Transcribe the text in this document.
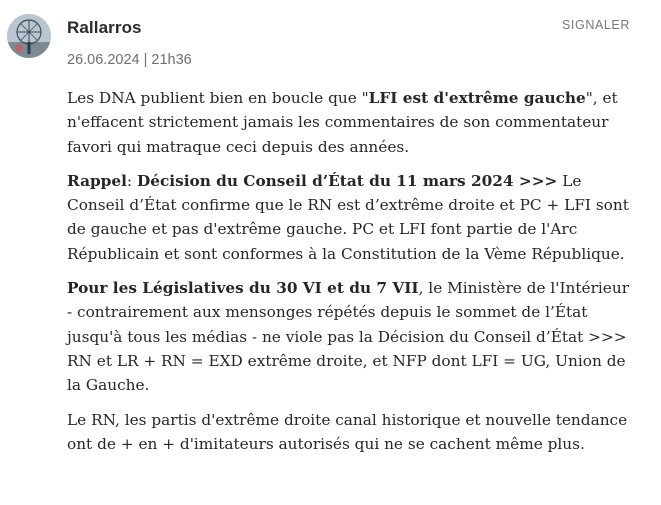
Rallarros	SIGNALER
26.06.2024 | 21h36

Les DNA publient bien en boucle que "LFI est d'extrême gauche", et n'effacent strictement jamais les commentaires de son commentateur favori qui matraque ceci depuis des années.

Rappel: Décision du Conseil d’État du 11 mars 2024 >>> Le Conseil d’État confirme que le RN est d’extrême droite et PC + LFI sont de gauche et pas d'extrême gauche. PC et LFI font partie de l'Arc Républicain et sont conformes à la Constitution de la Vème République.

Pour les Législatives du 30 VI et du 7 VII, le Ministère de l'Intérieur - contrairement aux mensonges répétés depuis le sommet de l’État jusqu'à tous les médias - ne viole pas la Décision du Conseil d’État >>> RN et LR + RN = EXD extrême droite, et NFP dont LFI = UG, Union de la Gauche.

Le RN, les partis d'extrême droite canal historique et nouvelle tendance ont de + en + d'imitateurs autorisés qui ne se cachent même plus.
